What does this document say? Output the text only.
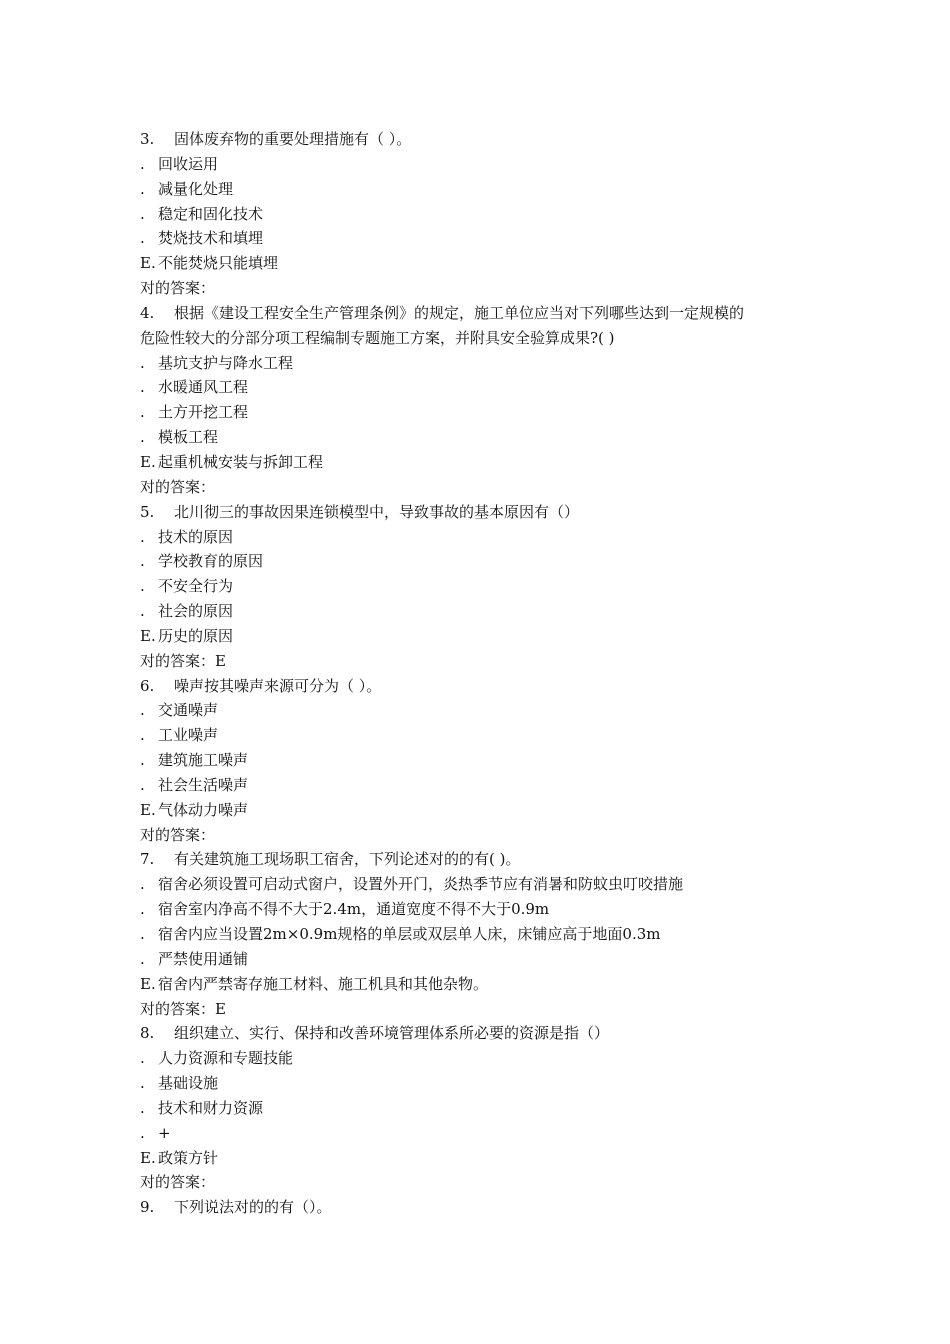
3. 固体废弃物的重要处理措施有（ ）。
. 回收运用
. 减量化处理
. 稳定和固化技术
. 焚烧技术和填埋
E. 不能焚烧只能填埋
对的答案：
4. 根据《建设工程安全生产管理条例》的规定，施工单位应当对下列哪些达到一定规模的
危险性较大的分部分项工程编制专题施工方案，并附具安全验算成果?( )
. 基坑支护与降水工程
. 水暖通风工程
. 土方开挖工程
. 模板工程
E. 起重机械安装与拆卸工程
对的答案：
5. 北川彻三的事故因果连锁模型中，导致事故的基本原因有（）
. 技术的原因
. 学校教育的原因
. 不安全行为
. 社会的原因
E. 历史的原因
对的答案：E
6. 噪声按其噪声来源可分为（ ）。
. 交通噪声
. 工业噪声
. 建筑施工噪声
. 社会生活噪声
E. 气体动力噪声
对的答案：
7. 有关建筑施工现场职工宿舍，下列论述对的的有( )。
. 宿舍必须设置可启动式窗户，设置外开门，炎热季节应有消暑和防蚊虫叮咬措施
. 宿舍室内净高不得不大于2.4m，通道宽度不得不大于0.9m
. 宿舍内应当设置2m×0.9m规格的单层或双层单人床，床铺应高于地面0.3m
. 严禁使用通铺
E. 宿舍内严禁寄存施工材料、施工机具和其他杂物。
对的答案：E
8. 组织建立、实行、保持和改善环境管理体系所必要的资源是指（）
. 人力资源和专题技能
. 基础设施
. 技术和财力资源
. +
E. 政策方针
对的答案：
9. 下列说法对的的有（）。
